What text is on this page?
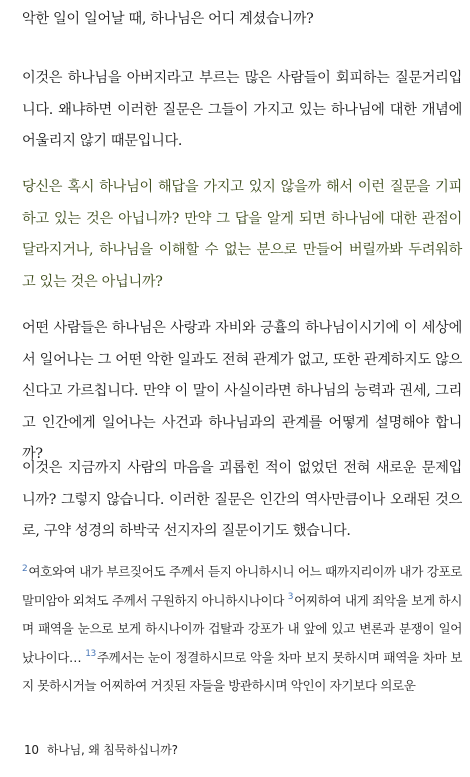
악한 일이 일어날 때, 하나님은 어디 계셨습니까?

이것은 하나님을 아버지라고 부르는 많은 사람들이 회피하는 질문거리입니다. 왜냐하면 이러한 질문은 그들이 가지고 있는 하나님에 대한 개념에 어울리지 않기 때문입니다.

당신은 혹시 하나님이 해답을 가지고 있지 않을까 해서 이런 질문을 기피하고 있는 것은 아닙니까? 만약 그 답을 알게 되면 하나님에 대한 관점이 달라지거나, 하나님을 이해할 수 없는 분으로 만들어 버릴까봐 두려워하고 있는 것은 아닙니까?

어떤 사람들은 하나님은 사랑과 자비와 긍휼의 하나님이시기에 이 세상에서 일어나는 그 어떤 악한 일과도 전혀 관계가 없고, 또한 관계하지도 않으신다고 가르칩니다. 만약 이 말이 사실이라면 하나님의 능력과 권세, 그리고 인간에게 일어나는 사건과 하나님과의 관계를 어떻게 설명해야 합니까?

이것은 지금까지 사람의 마음을 괴롭힌 적이 없었던 전혀 새로운 문제입니까? 그렇지 않습니다. 이러한 질문은 인간의 역사만큼이나 오래된 것으로, 구약 성경의 하박국 선지자의 질문이기도 했습니다.

$^2$여호와여 내가 부르짖어도 주께서 듣지 아니하시니 어느 때까지리이까 내가 강포로 말미암아 외쳐도 주께서 구원하지 아니하시나이다 $^3$어찌하여 내게 죄악을 보게 하시며 패역을 눈으로 보게 하시나이까 겁탈과 강포가 내 앞에 있고 변론과 분쟁이 일어났나이다… $^{13}$주께서는 눈이 정결하시므로 악을 차마 보지 못하시며 패역을 차마 보지 못하시거늘 어찌하여 거짓된 자들을 방관하시며 악인이 자기보다 의로운
10 하나님, 왜 침묵하십니까?
